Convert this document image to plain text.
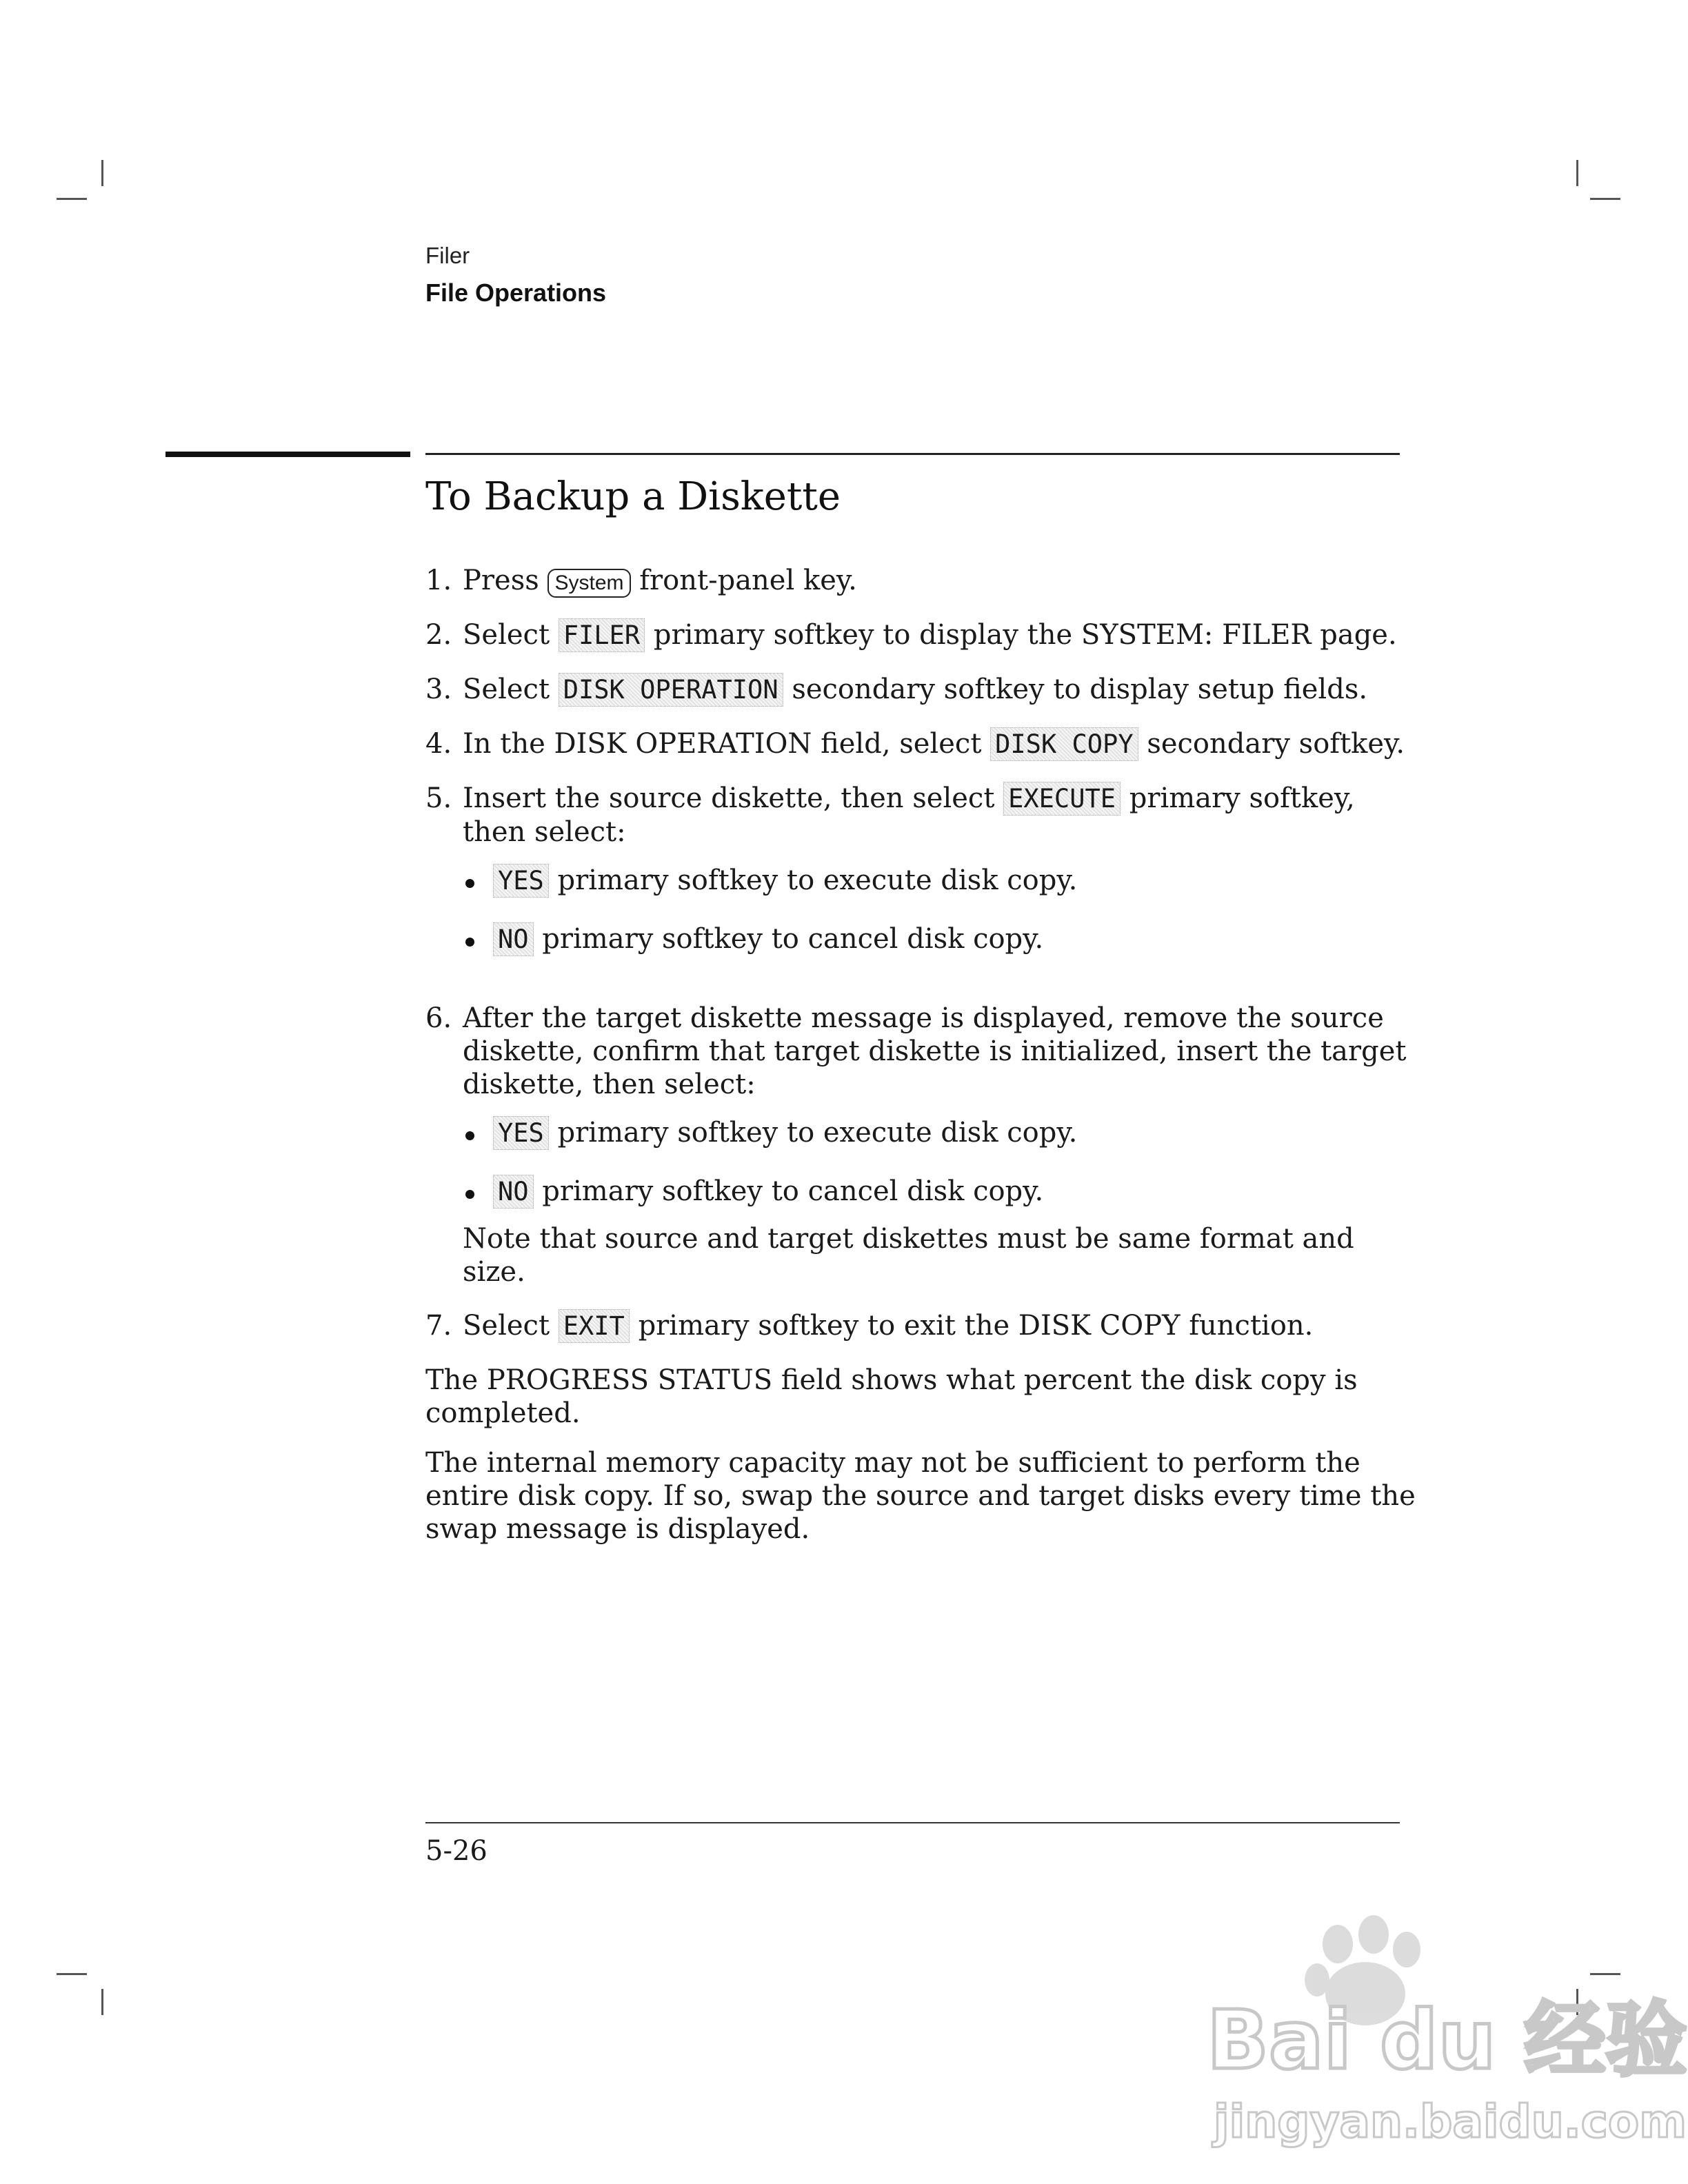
Filer
File Operations
To Backup a Diskette
1. Press System front-panel key.
2. Select FILER primary softkey to display the SYSTEM: FILER page.
3. Select DISK OPERATION secondary softkey to display setup fields.
4. In the DISK OPERATION field, select DISK COPY secondary softkey.
5. Insert the source diskette, then select EXECUTE primary softkey, then select:
YES primary softkey to execute disk copy.
NO primary softkey to cancel disk copy.
6. After the target diskette message is displayed, remove the source diskette, confirm that target diskette is initialized, insert the target diskette, then select:
YES primary softkey to execute disk copy.
NO primary softkey to cancel disk copy.
Note that source and target diskettes must be same format and size.
7. Select EXIT primary softkey to exit the DISK COPY function.
The PROGRESS STATUS field shows what percent the disk copy is completed.
The internal memory capacity may not be sufficient to perform the entire disk copy. If so, swap the source and target disks every time the swap message is displayed.
5-26
Bai du 经验
jingyan.baidu.com
